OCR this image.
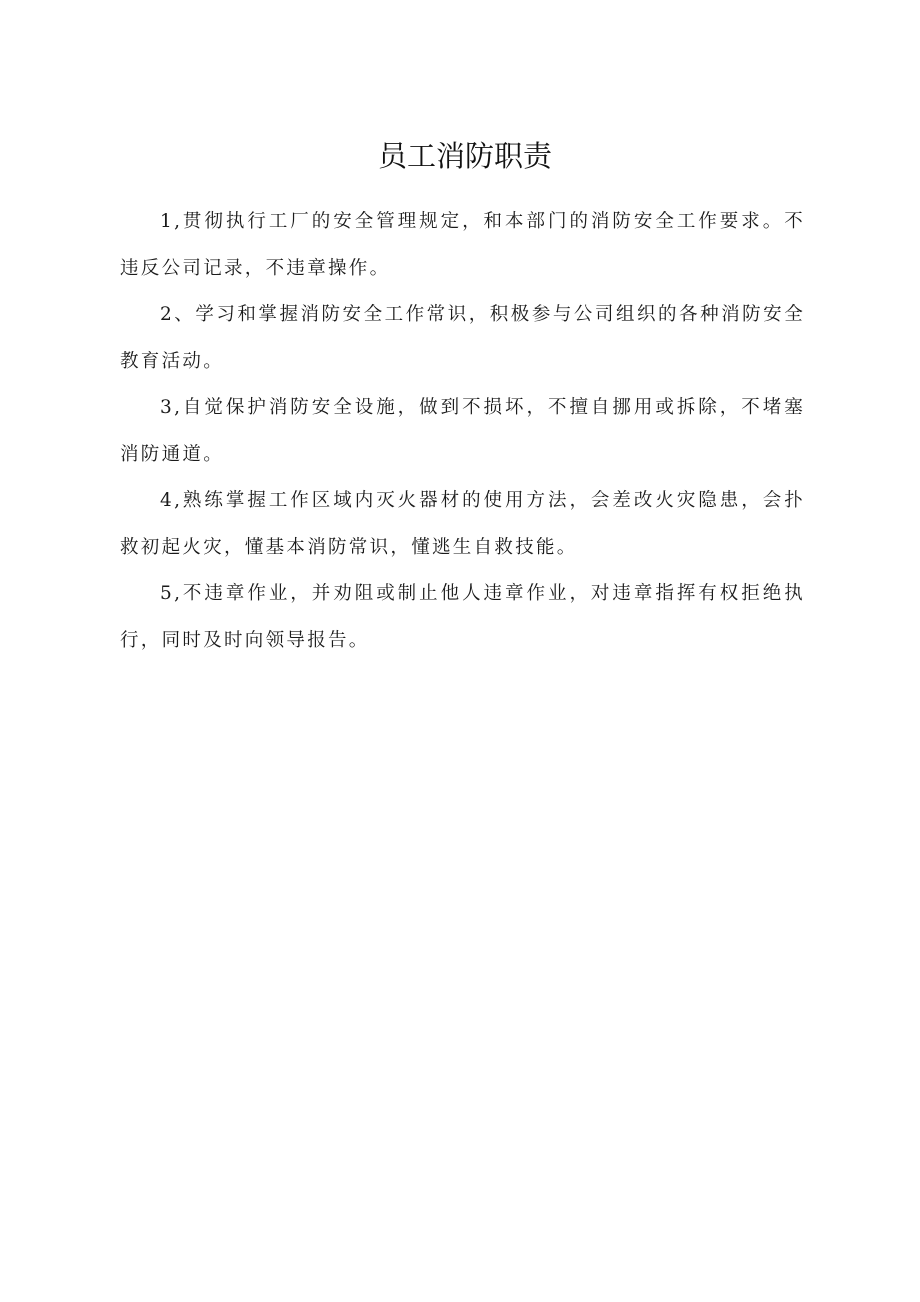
员工消防职责

1,贯彻执行工厂的安全管理规定，和本部门的消防安全工作要求。不违反公司记录，不违章操作。

2、学习和掌握消防安全工作常识，积极参与公司组织的各种消防安全教育活动。

3,自觉保护消防安全设施，做到不损坏，不擅自挪用或拆除，不堵塞消防通道。

4,熟练掌握工作区域内灭火器材的使用方法，会差改火灾隐患，会扑救初起火灾，懂基本消防常识，懂逃生自救技能。

5,不违章作业，并劝阻或制止他人违章作业，对违章指挥有权拒绝执行，同时及时向领导报告。
